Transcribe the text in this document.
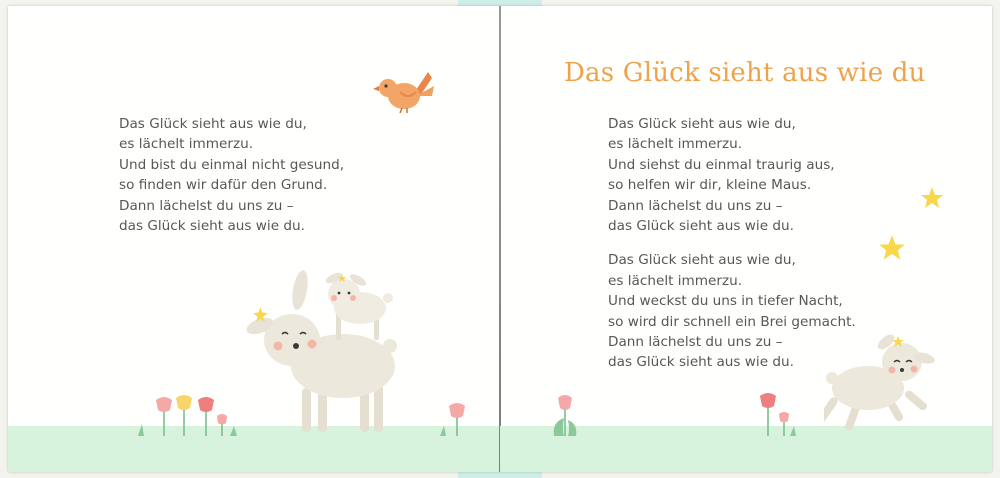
Das Glück sieht aus wie du,
es lächelt immerzu.
Und bist du einmal nicht gesund,
so finden wir dafür den Grund.
Dann lächelst du uns zu –
das Glück sieht aus wie du.
Das Glück sieht aus wie du
Das Glück sieht aus wie du,
es lächelt immerzu.
Und siehst du einmal traurig aus,
so helfen wir dir, kleine Maus.
Dann lächelst du uns zu –
das Glück sieht aus wie du.
Das Glück sieht aus wie du,
es lächelt immerzu.
Und weckst du uns in tiefer Nacht,
so wird dir schnell ein Brei gemacht.
Dann lächelst du uns zu –
das Glück sieht aus wie du.
